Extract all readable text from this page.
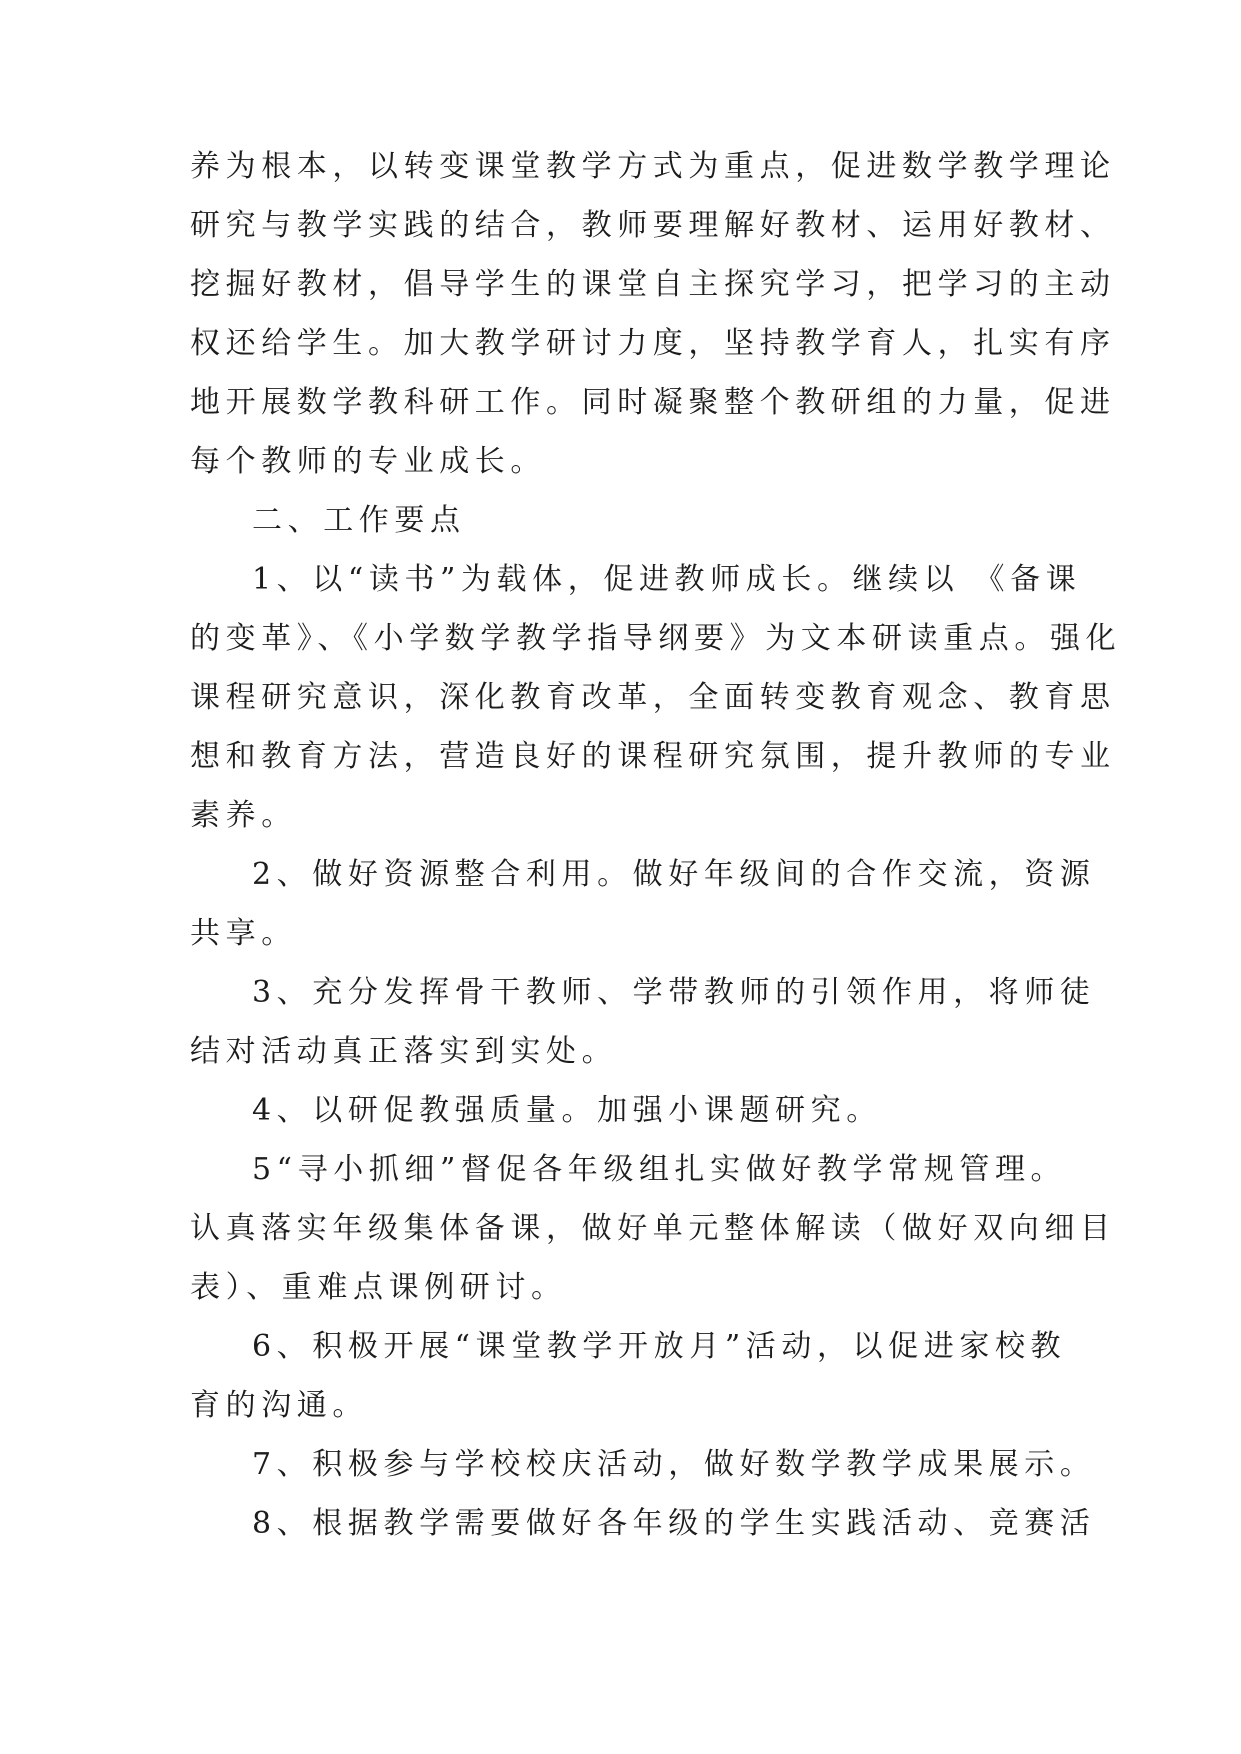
养为根本，以转变课堂教学方式为重点，促进数学教学理论
研究与教学实践的结合，教师要理解好教材、运用好教材、
挖掘好教材，倡导学生的课堂自主探究学习，把学习的主动
权还给学生。加大教学研讨力度，坚持教学育人，扎实有序
地开展数学教科研工作。同时凝聚整个教研组的力量，促进
每个教师的专业成长。
二、工作要点
1、以“读书”为载体，促进教师成长。继续以 《备课
的变革》、《小学数学教学指导纲要》为文本研读重点。强化
课程研究意识，深化教育改革，全面转变教育观念、教育思
想和教育方法，营造良好的课程研究氛围，提升教师的专业
素养。
2、做好资源整合利用。做好年级间的合作交流，资源
共享。
3、充分发挥骨干教师、学带教师的引领作用，将师徒
结对活动真正落实到实处。
4、以研促教强质量。加强小课题研究。
5“寻小抓细”督促各年级组扎实做好教学常规管理。
认真落实年级集体备课，做好单元整体解读（做好双向细目
表）、重难点课例研讨。
6、积极开展“课堂教学开放月”活动，以促进家校教
育的沟通。
7、积极参与学校校庆活动，做好数学教学成果展示。
8、根据教学需要做好各年级的学生实践活动、竞赛活
